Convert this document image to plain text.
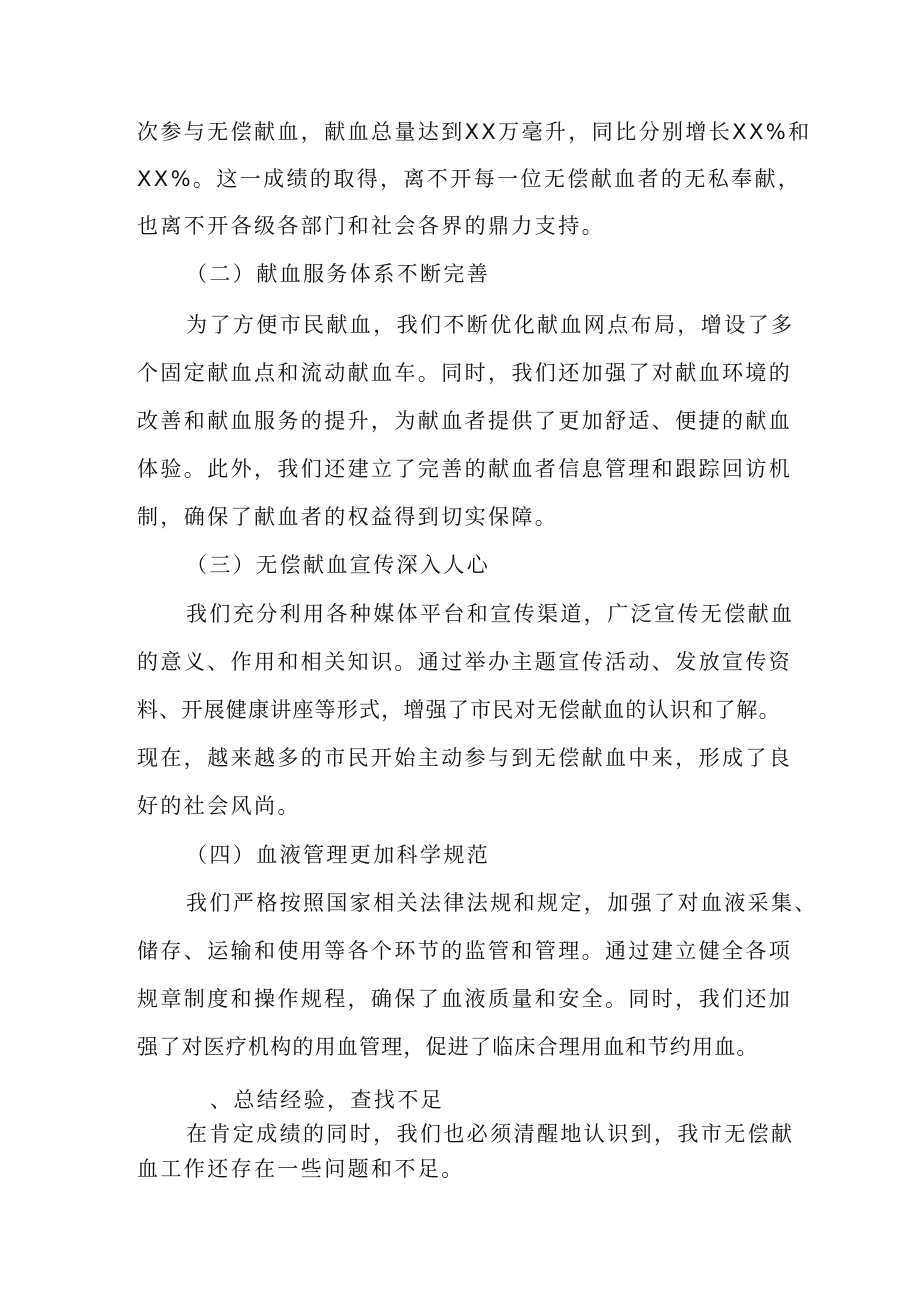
次参与无偿献血，献血总量达到XX万毫升，同比分别增长XX%和
XX%。这一成绩的取得，离不开每一位无偿献血者的无私奉献，
也离不开各级各部门和社会各界的鼎力支持。
（二）献血服务体系不断完善
为了方便市民献血，我们不断优化献血网点布局，增设了多
个固定献血点和流动献血车。同时，我们还加强了对献血环境的
改善和献血服务的提升，为献血者提供了更加舒适、便捷的献血
体验。此外，我们还建立了完善的献血者信息管理和跟踪回访机
制，确保了献血者的权益得到切实保障。
（三）无偿献血宣传深入人心
我们充分利用各种媒体平台和宣传渠道，广泛宣传无偿献血
的意义、作用和相关知识。通过举办主题宣传活动、发放宣传资
料、开展健康讲座等形式，增强了市民对无偿献血的认识和了解。
现在，越来越多的市民开始主动参与到无偿献血中来，形成了良
好的社会风尚。
（四）血液管理更加科学规范
我们严格按照国家相关法律法规和规定，加强了对血液采集、
储存、运输和使用等各个环节的监管和管理。通过建立健全各项
规章制度和操作规程，确保了血液质量和安全。同时，我们还加
强了对医疗机构的用血管理，促进了临床合理用血和节约用血。
、总结经验，查找不足
在肯定成绩的同时，我们也必须清醒地认识到，我市无偿献
血工作还存在一些问题和不足。
